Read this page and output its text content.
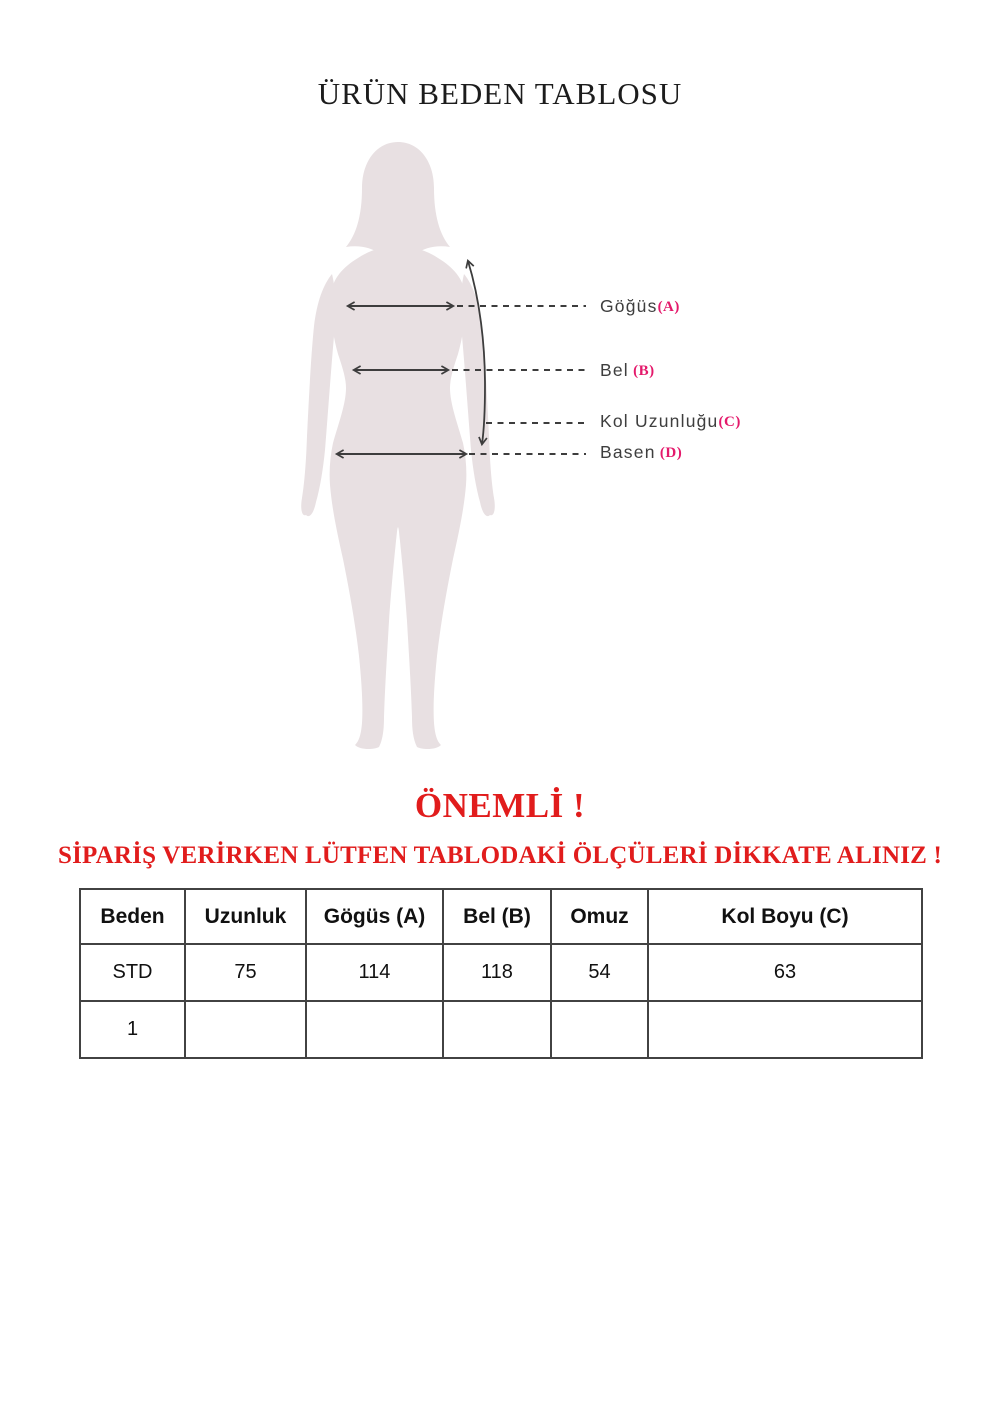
ÜRÜN BEDEN TABLOSU
Göğüs(A)
Bel (B)
Kol Uzunluğu(C)
Basen (D)
ÖNEMLİ !
SİPARİŞ VERİRKEN LÜTFEN TABLODAKİ ÖLÇÜLERİ DİKKATE ALINIZ !
Beden	Uzunluk	Gögüs (A)	Bel (B)	Omuz	Kol Boyu (C)
STD	75	114	118	54	63
1					
